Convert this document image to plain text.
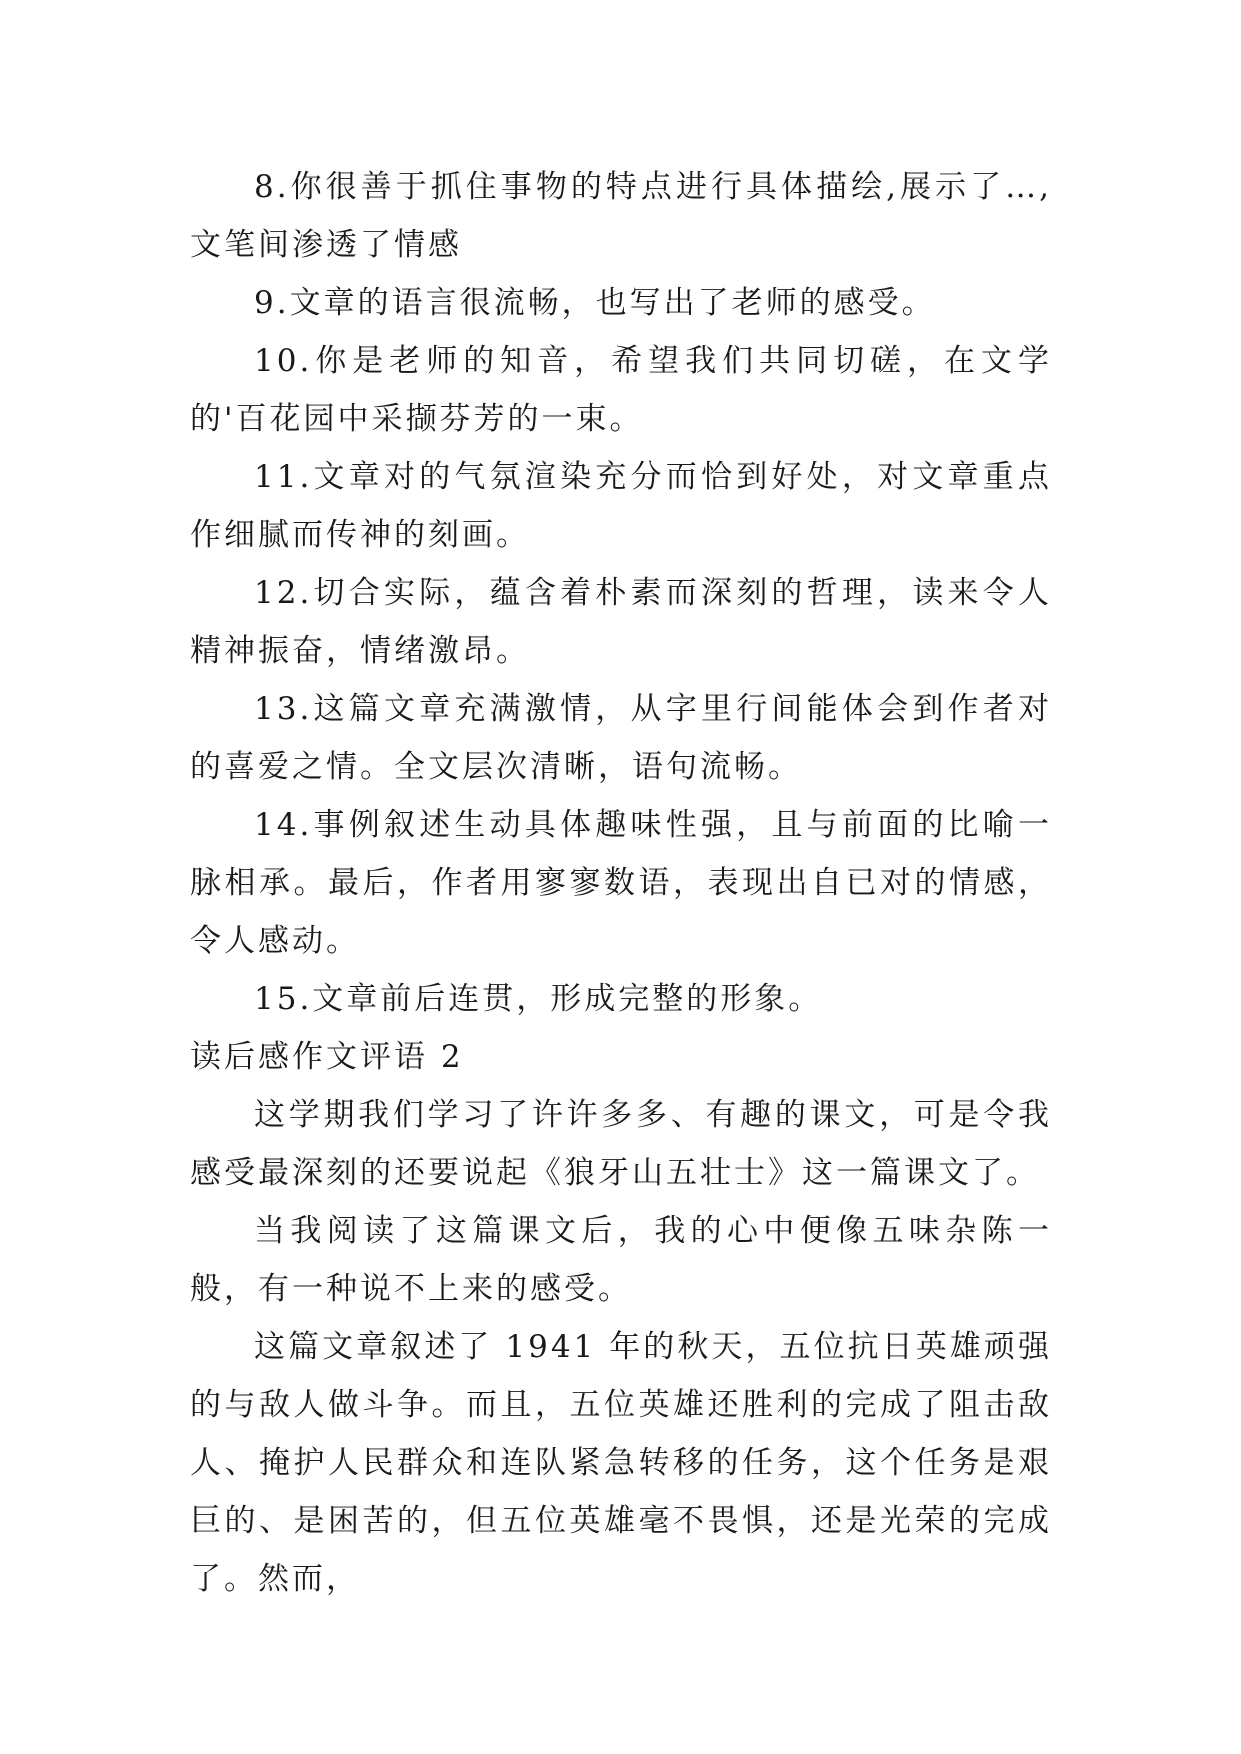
8.你很善于抓住事物的特点进行具体描绘,展示了…,文笔间渗透了情感

9.文章的语言很流畅，也写出了老师的感受。

10.你是老师的知音，希望我们共同切磋，在文学的'百花园中采撷芬芳的一束。

11.文章对的气氛渲染充分而恰到好处，对文章重点作细腻而传神的刻画。

12.切合实际，蕴含着朴素而深刻的哲理，读来令人精神振奋，情绪激昂。

13.这篇文章充满激情，从字里行间能体会到作者对的喜爱之情。全文层次清晰，语句流畅。

14.事例叙述生动具体趣味性强，且与前面的比喻一脉相承。最后，作者用寥寥数语，表现出自已对的情感，令人感动。

15.文章前后连贯，形成完整的形象。

读后感作文评语 2

这学期我们学习了许许多多、有趣的课文，可是令我感受最深刻的还要说起《狼牙山五壮士》这一篇课文了。

当我阅读了这篇课文后，我的心中便像五味杂陈一般，有一种说不上来的感受。

这篇文章叙述了 1941 年的秋天，五位抗日英雄顽强的与敌人做斗争。而且，五位英雄还胜利的完成了阻击敌人、掩护人民群众和连队紧急转移的任务，这个任务是艰巨的、是困苦的，但五位英雄毫不畏惧，还是光荣的完成了。然而，
